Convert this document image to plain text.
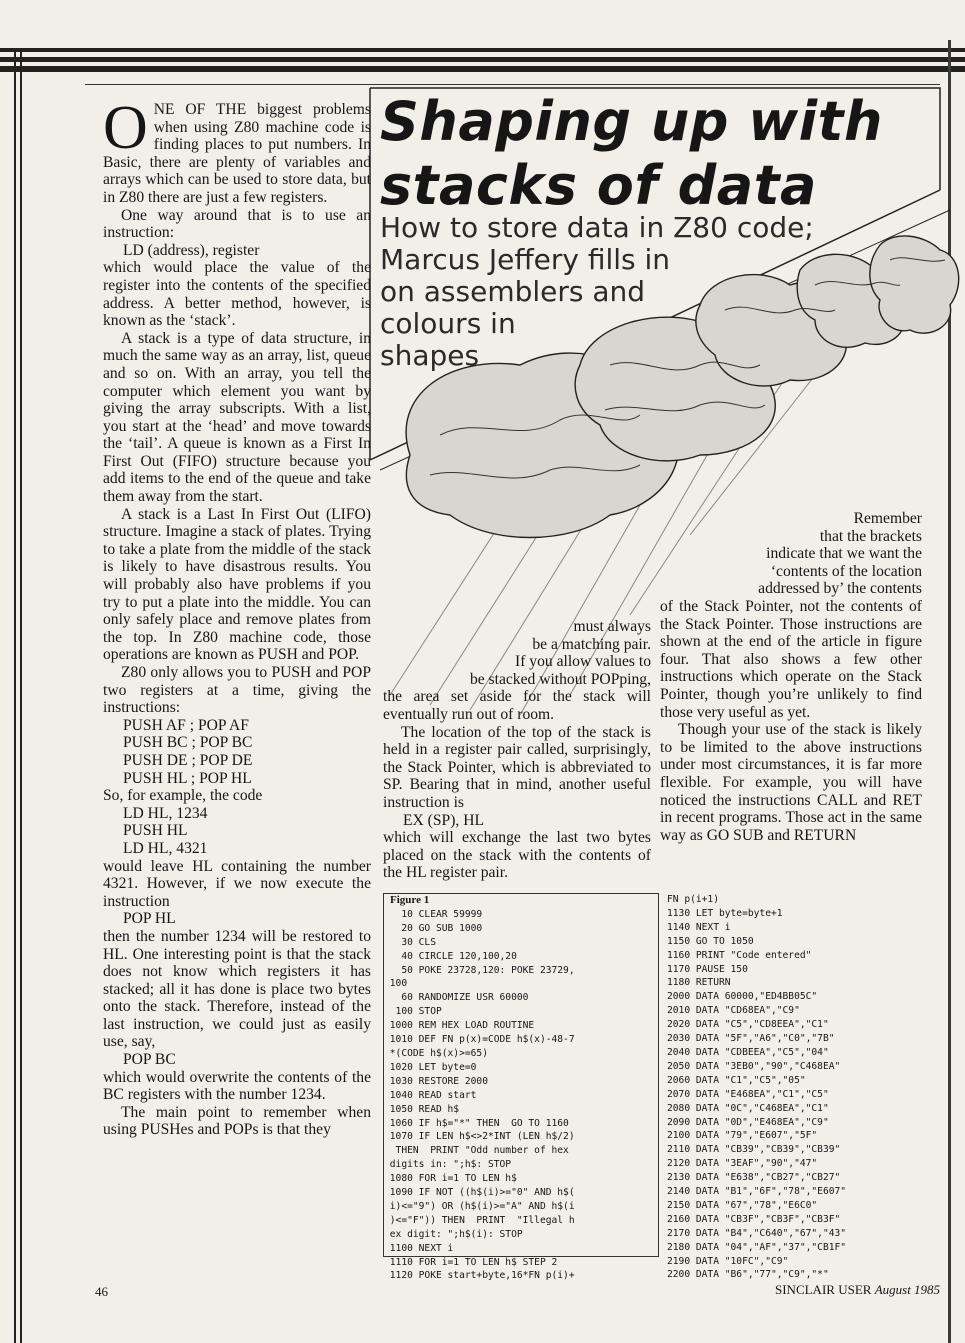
Shaping up with
stacks of data
How to store data in Z80 code;
Marcus Jeffery fills in
on assemblers and
colours in
shapes

ONE OF THE biggest problems when using Z80 machine code is finding places to put numbers. In Basic, there are plenty of variables and arrays which can be used to store data, but in Z80 there are just a few registers.

One way around that is to use an instruction:

LD (address), register

which would place the value of the register into the contents of the specified address. A better method, however, is known as the ‘stack’.

A stack is a type of data structure, in much the same way as an array, list, queue and so on. With an array, you tell the computer which element you want by giving the array subscripts. With a list, you start at the ‘head’ and move towards the ‘tail’. A queue is known as a First In First Out (FIFO) structure because you add items to the end of the queue and take them away from the start.

A stack is a Last In First Out (LIFO) structure. Imagine a stack of plates. Trying to take a plate from the middle of the stack is likely to have disastrous results. You will probably also have problems if you try to put a plate into the middle. You can only safely place and remove plates from the top. In Z80 machine code, those operations are known as PUSH and POP.

Z80 only allows you to PUSH and POP two registers at a time, giving the instructions:

PUSH AF ; POP AF

PUSH BC ; POP BC

PUSH DE ; POP DE

PUSH HL ; POP HL

So, for example, the code

LD HL, 1234

PUSH HL

LD HL, 4321

would leave HL containing the number 4321. However, if we now execute the instruction

POP HL

then the number 1234 will be restored to HL. One interesting point is that the stack does not know which registers it has stacked; all it has done is place two bytes onto the stack. Therefore, instead of the last instruction, we could just as easily use, say,

POP BC

which would overwrite the contents of the BC registers with the number 1234.

The main point to remember when using PUSHes and POPs is that they

must always

be a matching pair.

If you allow values to

be stacked without POPping,

the area set aside for the stack will eventually run out of room.

The location of the top of the stack is held in a register pair called, surprisingly, the Stack Pointer, which is abbreviated to SP. Bearing that in mind, another useful instruction is

EX (SP), HL

which will exchange the last two bytes placed on the stack with the contents of the HL register pair.

Remember

that the brackets

indicate that we want the

‘contents of the location

addressed by’ the contents

of the Stack Pointer, not the contents of the Stack Pointer. Those instructions are shown at the end of the article in figure four. That also shows a few other instructions which operate on the Stack Pointer, though you’re unlikely to find those very useful as yet.

Though your use of the stack is likely to be limited to the above instructions under most circumstances, it is far more flexible. For example, you will have noticed the instructions CALL and RET in recent programs. Those act in the same way as GO SUB and RETURN

Figure 1
10 CLEAR 59999
20 GO SUB 1000
30 CLS
40 CIRCLE 120,100,20
50 POKE 23728,120: POKE 23729,
100
60 RANDOMIZE USR 60000
100 STOP
1000 REM HEX LOAD ROUTINE
1010 DEF FN p(x)=CODE h$(x)-48-7
*(CODE h$(x)>=65)
1020 LET byte=0
1030 RESTORE 2000
1040 READ start
1050 READ h$
1060 IF h$="*" THEN  GO TO 1160
1070 IF LEN h$<>2*INT (LEN h$/2)
THEN  PRINT "Odd number of hex
digits in: ";h$: STOP
1080 FOR i=1 TO LEN h$
1090 IF NOT ((h$(i)>="0" AND h$(
i)<="9") OR (h$(i)>="A" AND h$(i
)<="F")) THEN  PRINT  "Illegal h
ex digit: ";h$(i): STOP
1100 NEXT i
1110 FOR i=1 TO LEN h$ STEP 2
1120 POKE start+byte,16*FN p(i)+
FN p(i+1)
1130 LET byte=byte+1
1140 NEXT i
1150 GO TO 1050
1160 PRINT "Code entered"
1170 PAUSE 150
1180 RETURN
2000 DATA 60000,"ED4BB05C"
2010 DATA "CD68EA","C9"
2020 DATA "C5","CD8EEA","C1"
2030 DATA "5F","A6","C0","7B"
2040 DATA "CDBEEA","C5","04"
2050 DATA "3EB0","90","C468EA"
2060 DATA "C1","C5","05"
2070 DATA "E468EA","C1","C5"
2080 DATA "0C","C468EA","C1"
2090 DATA "0D","E468EA","C9"
2100 DATA "79","E607","5F"
2110 DATA "CB39","CB39","CB39"
2120 DATA "3EAF","90","47"
2130 DATA "E638","CB27","CB27"
2140 DATA "B1","6F","78","E607"
2150 DATA "67","78","E6C0"
2160 DATA "CB3F","CB3F","CB3F"
2170 DATA "B4","C640","67","43"
2180 DATA "04","AF","37","CB1F"
2190 DATA "10FC","C9"
2200 DATA "B6","77","C9","*"
46	SINCLAIR USER August 1985
